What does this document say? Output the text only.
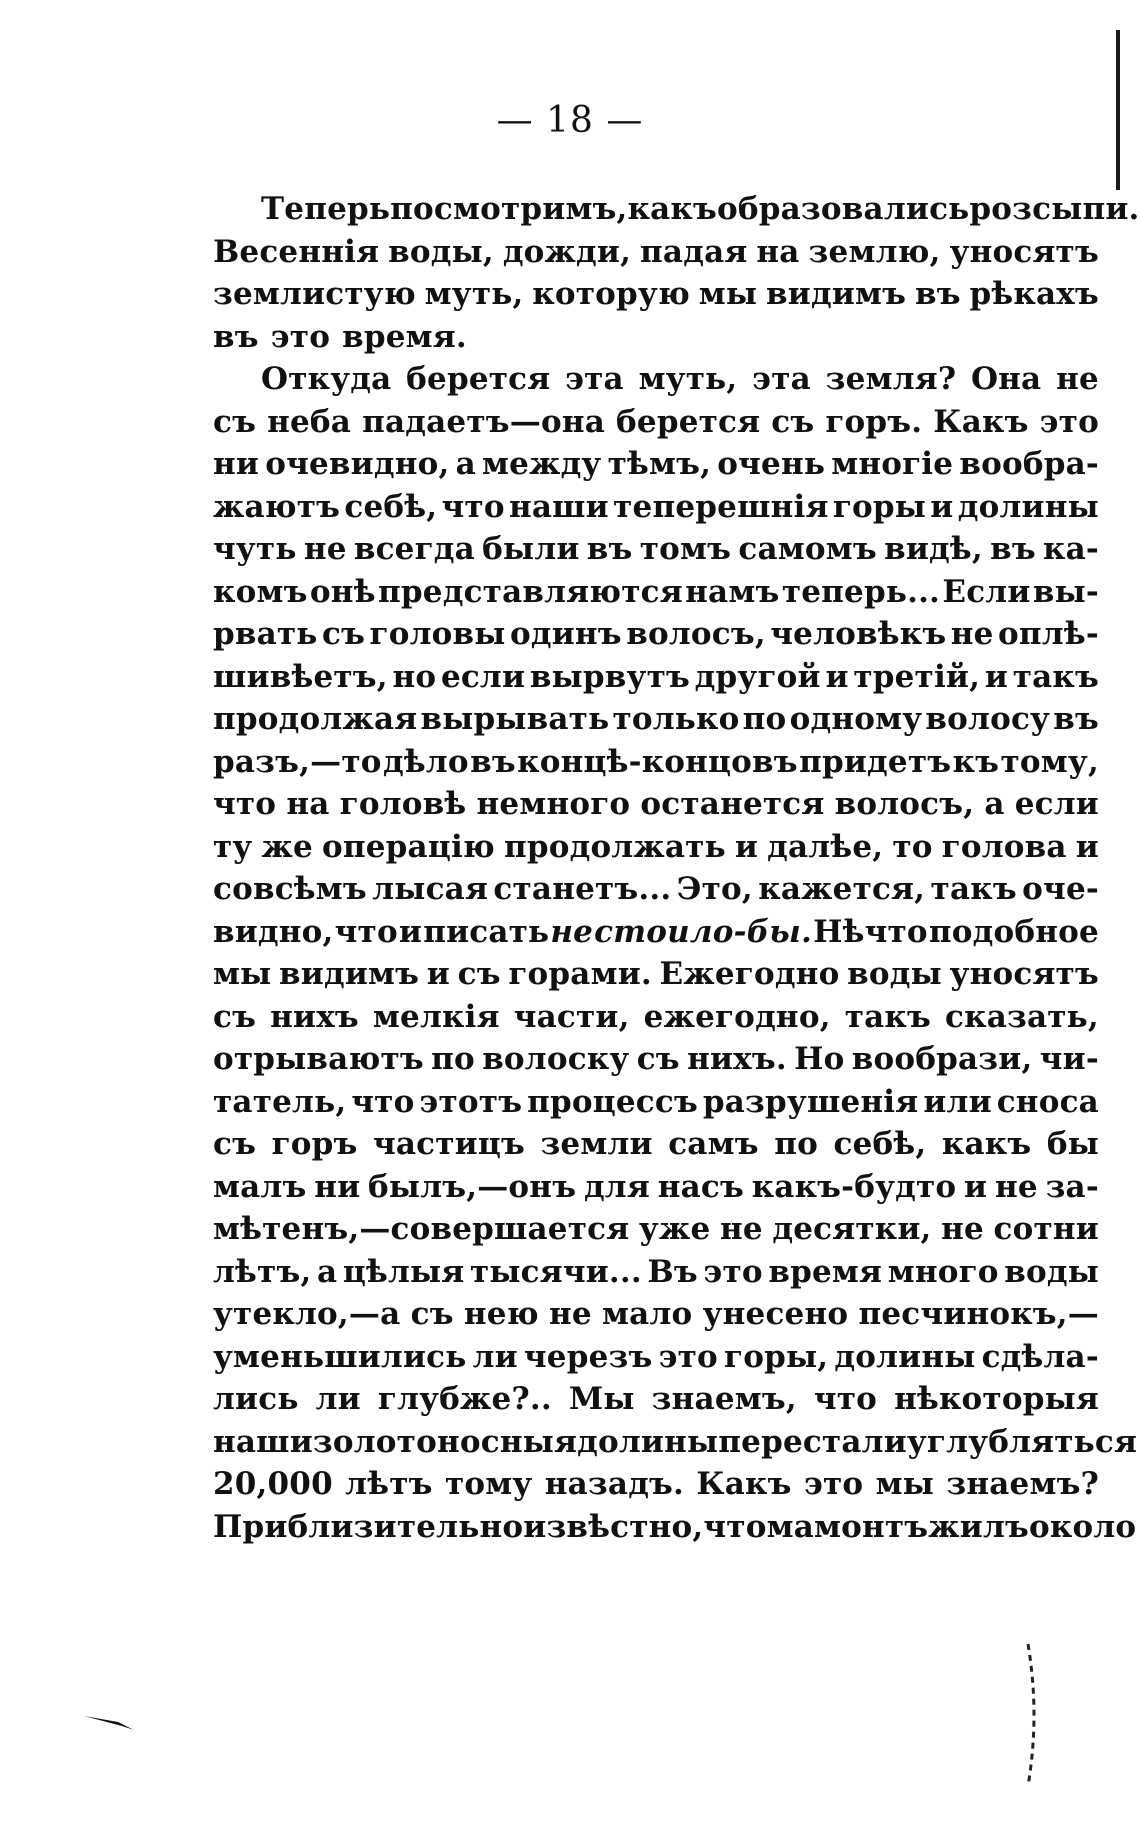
— 18 —
Теперь посмотримъ, какъ образовались розсыпи.
Весеннія воды, дожди, падая на землю, уносятъ
землистую муть, которую мы видимъ въ рѣкахъ
въ это время.
Откуда берется эта муть, эта земля? Она не
съ неба падаетъ—она берется съ горъ. Какъ это
ни очевидно, а между тѣмъ, очень многіе вообра-
жаютъ себѣ, что наши теперешнія горы и долины
чуть не всегда были въ томъ самомъ видѣ, въ ка-
комъ онѣ представляются намъ теперь... Если вы-
рвать съ головы одинъ волосъ, человѣкъ не оплѣ-
шивѣетъ, но если вырвутъ другой и третій, и такъ
продолжая вырывать только по одному волосу въ
разъ,—то дѣло въ концѣ-концовъ придетъ къ тому,
что на головѣ немного останется волосъ, а если
ту же операцію продолжать и далѣе, то голова и
совсѣмъ лысая станетъ... Это, кажется, такъ оче-
видно, что и писать не стоило-бы. Нѣчто подобное
мы видимъ и съ горами. Ежегодно воды уносятъ
съ нихъ мелкія части, ежегодно, такъ сказать,
отрываютъ по волоску съ нихъ. Но вообрази, чи-
татель, что этотъ процессъ разрушенія или сноса
съ горъ частицъ земли самъ по себѣ, какъ бы
малъ ни былъ,—онъ для насъ какъ-будто и не за-
мѣтенъ,—совершается уже не десятки, не сотни
лѣтъ, а цѣлыя тысячи... Въ это время много воды
утекло,—а съ нею не мало унесено песчинокъ,—
уменьшились ли черезъ это горы, долины сдѣла-
лись ли глубже?.. Мы знаемъ, что нѣкоторыя
наши золотоносныя долины перестали углубляться
20,000 лѣтъ тому назадъ. Какъ это мы знаемъ?
Приблизительно извѣстно, что мамонтъ жилъ около
